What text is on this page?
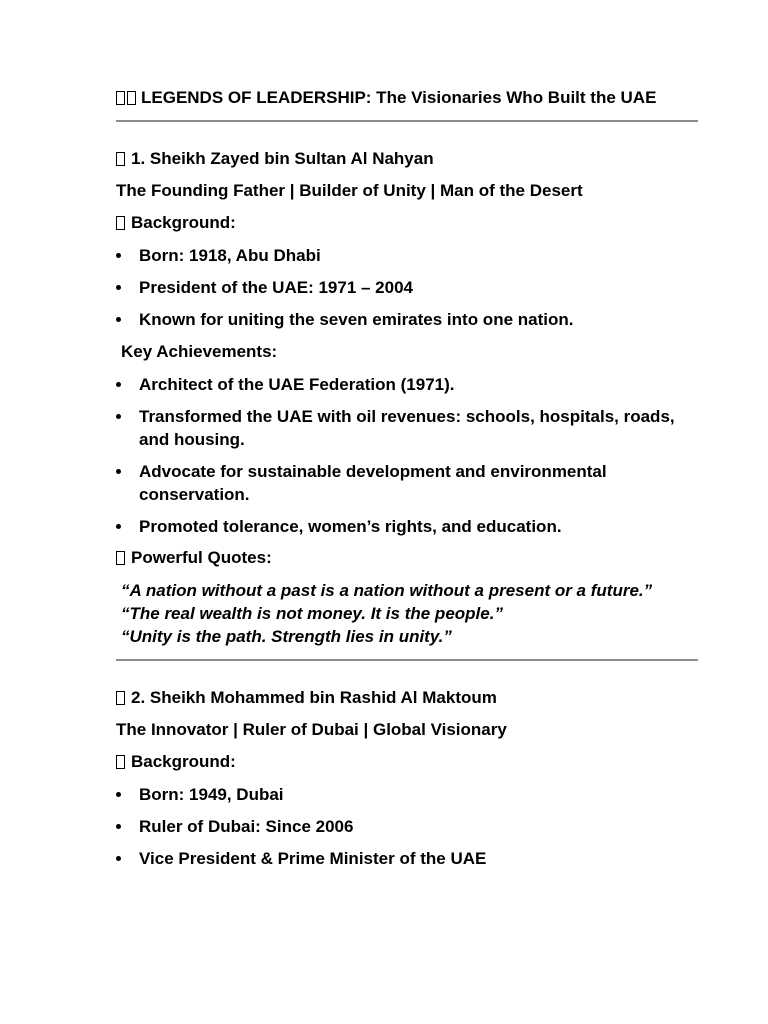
LEGENDS OF LEADERSHIP: The Visionaries Who Built the UAE

1. Sheikh Zayed bin Sultan Al Nahyan

The Founding Father | Builder of Unity | Man of the Desert

Background:

Born: 1918, Abu Dhabi
President of the UAE: 1971 – 2004
Known for uniting the seven emirates into one nation.

Key Achievements:

Architect of the UAE Federation (1971).
Transformed the UAE with oil revenues: schools, hospitals, roads, and housing.
Advocate for sustainable development and environmental conservation.
Promoted tolerance, women’s rights, and education.

Powerful Quotes:

“A nation without a past is a nation without a present or a future.”
“The real wealth is not money. It is the people.”
“Unity is the path. Strength lies in unity.”

2. Sheikh Mohammed bin Rashid Al Maktoum

The Innovator | Ruler of Dubai | Global Visionary

Background:

Born: 1949, Dubai
Ruler of Dubai: Since 2006
Vice President & Prime Minister of the UAE
